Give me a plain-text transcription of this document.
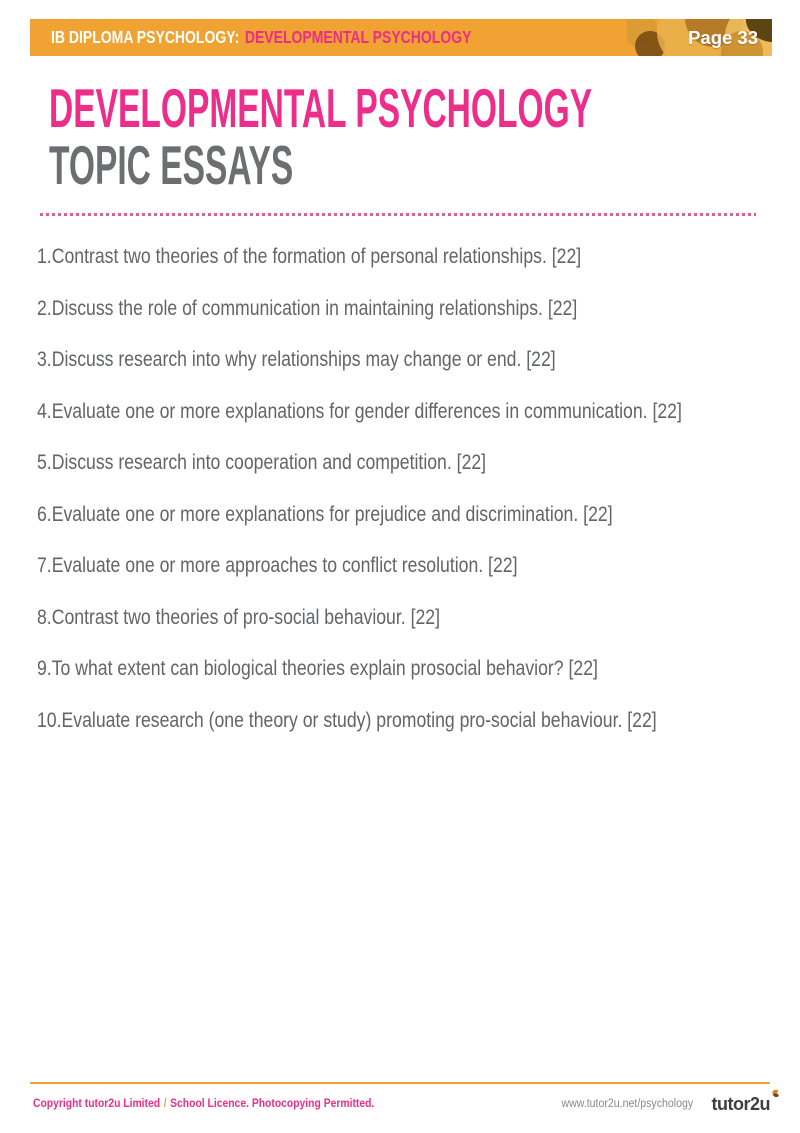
IB DIPLOMA PSYCHOLOGY: DEVELOPMENTAL PSYCHOLOGY	Page 33
DEVELOPMENTAL PSYCHOLOGY
TOPIC ESSAYS
1.Contrast two theories of the formation of personal relationships. [22]
2.Discuss the role of communication in maintaining relationships. [22]
3.Discuss research into why relationships may change or end. [22]
4.Evaluate one or more explanations for gender differences in communication. [22]
5.Discuss research into cooperation and competition. [22]
6.Evaluate one or more explanations for prejudice and discrimination. [22]
7.Evaluate one or more approaches to conflict resolution. [22]
8.Contrast two theories of pro-social behaviour. [22]
9.To what extent can biological theories explain prosocial behavior? [22]
10.Evaluate research (one theory or study) promoting pro-social behaviour. [22]
Copyright tutor2u Limited / School Licence. Photocopying Permitted.	www.tutor2u.net/psychology tutor2u
